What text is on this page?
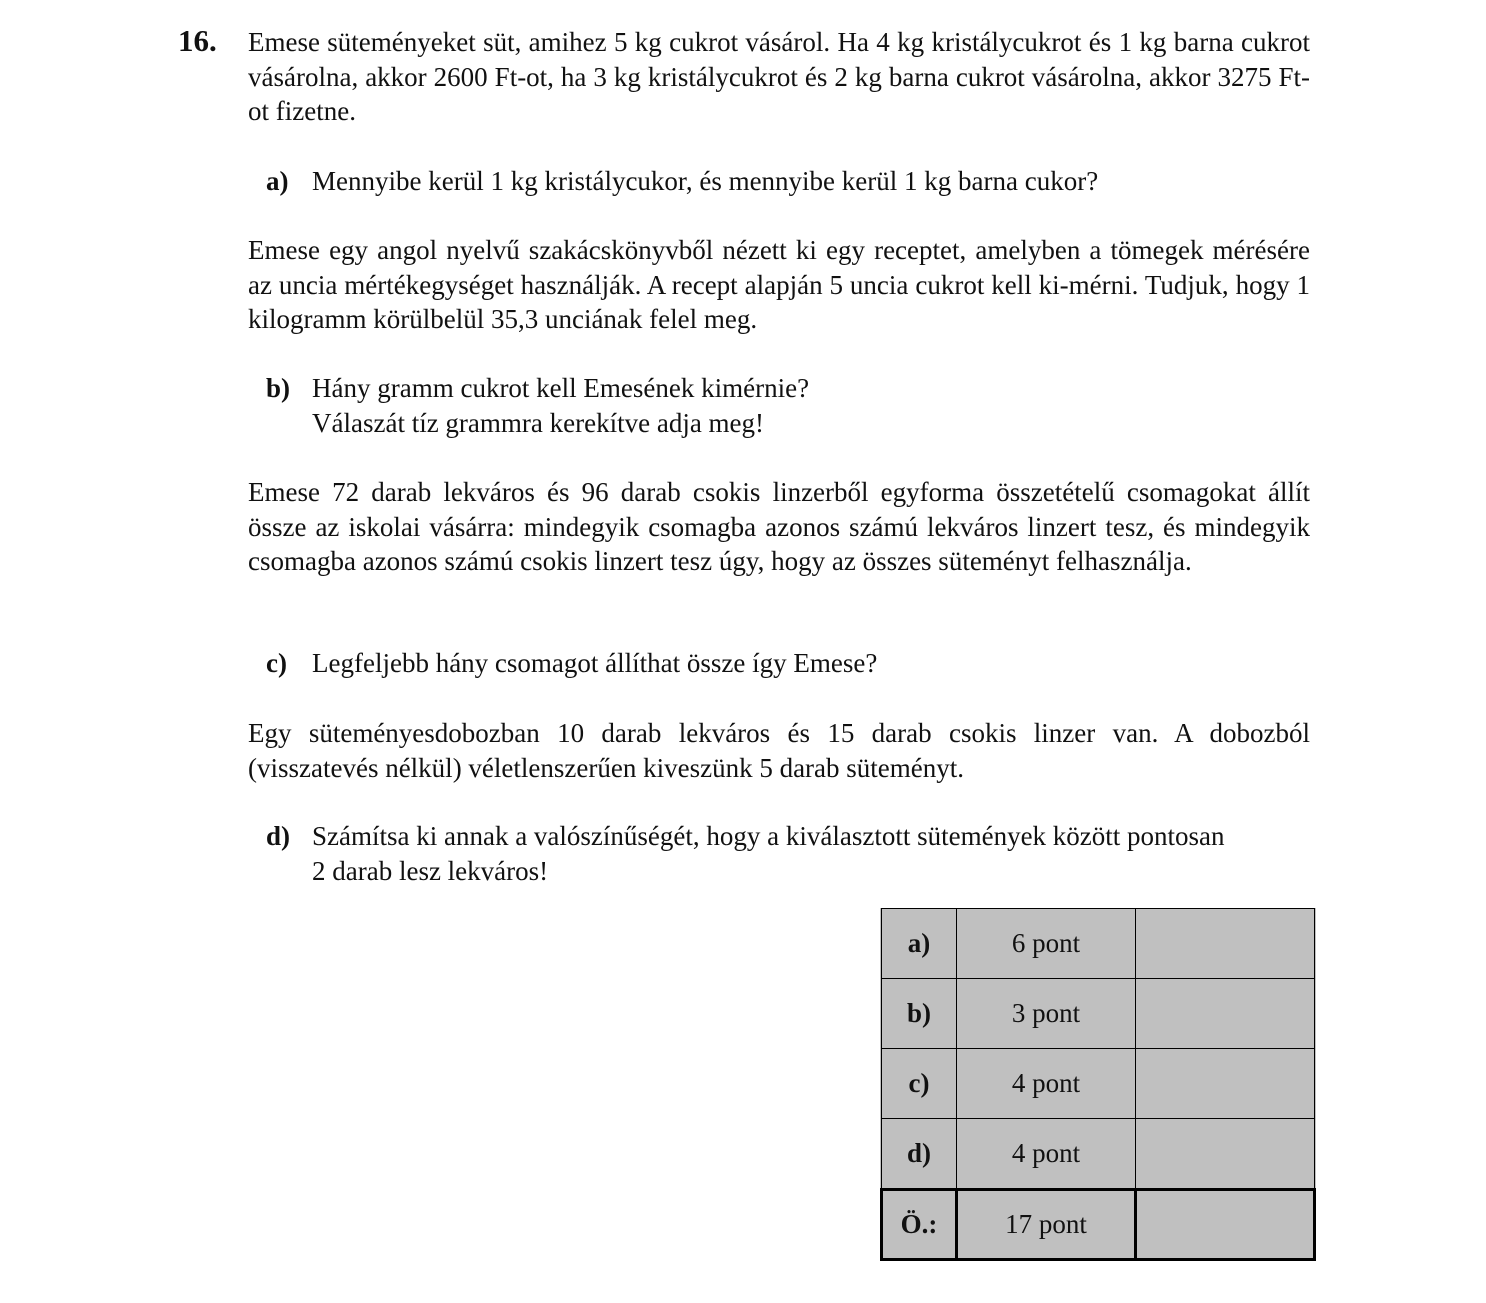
16. Emese süteményeket süt, amihez 5 kg cukrot vásárol. Ha 4 kg kristálycukrot és 1 kg barna cukrot vásárolna, akkor 2600 Ft-ot, ha 3 kg kristálycukrot és 2 kg barna cukrot vásárolna, akkor 3275 Ft-ot fizetne.

a) Mennyibe kerül 1 kg kristálycukor, és mennyibe kerül 1 kg barna cukor?

Emese egy angol nyelvű szakácskönyvből nézett ki egy receptet, amelyben a tömegek mérésére az uncia mértékegységet használják. A recept alapján 5 uncia cukrot kell ki-mérni. Tudjuk, hogy 1 kilogramm körülbelül 35,3 unciának felel meg.

b) Hány gramm cukrot kell Emesének kimérnie?
Válaszát tíz grammra kerekítve adja meg!

Emese 72 darab lekváros és 96 darab csokis linzerből egyforma összetételű csomagokat állít össze az iskolai vásárra: mindegyik csomagba azonos számú lekváros linzert tesz, és mindegyik csomagba azonos számú csokis linzert tesz úgy, hogy az összes süteményt felhasználja.

c) Legfeljebb hány csomagot állíthat össze így Emese?

Egy süteményesdobozban 10 darab lekváros és 15 darab csokis linzer van. A dobozból (visszatevés nélkül) véletlenszerűen kiveszünk 5 darab süteményt.

d) Számítsa ki annak a valószínűségét, hogy a kiválasztott sütemények között pontosan
2 darab lesz lekváros!
a)	6 pont	
b)	3 pont	
c)	4 pont	
d)	4 pont	
Ö.:	17 pont	
